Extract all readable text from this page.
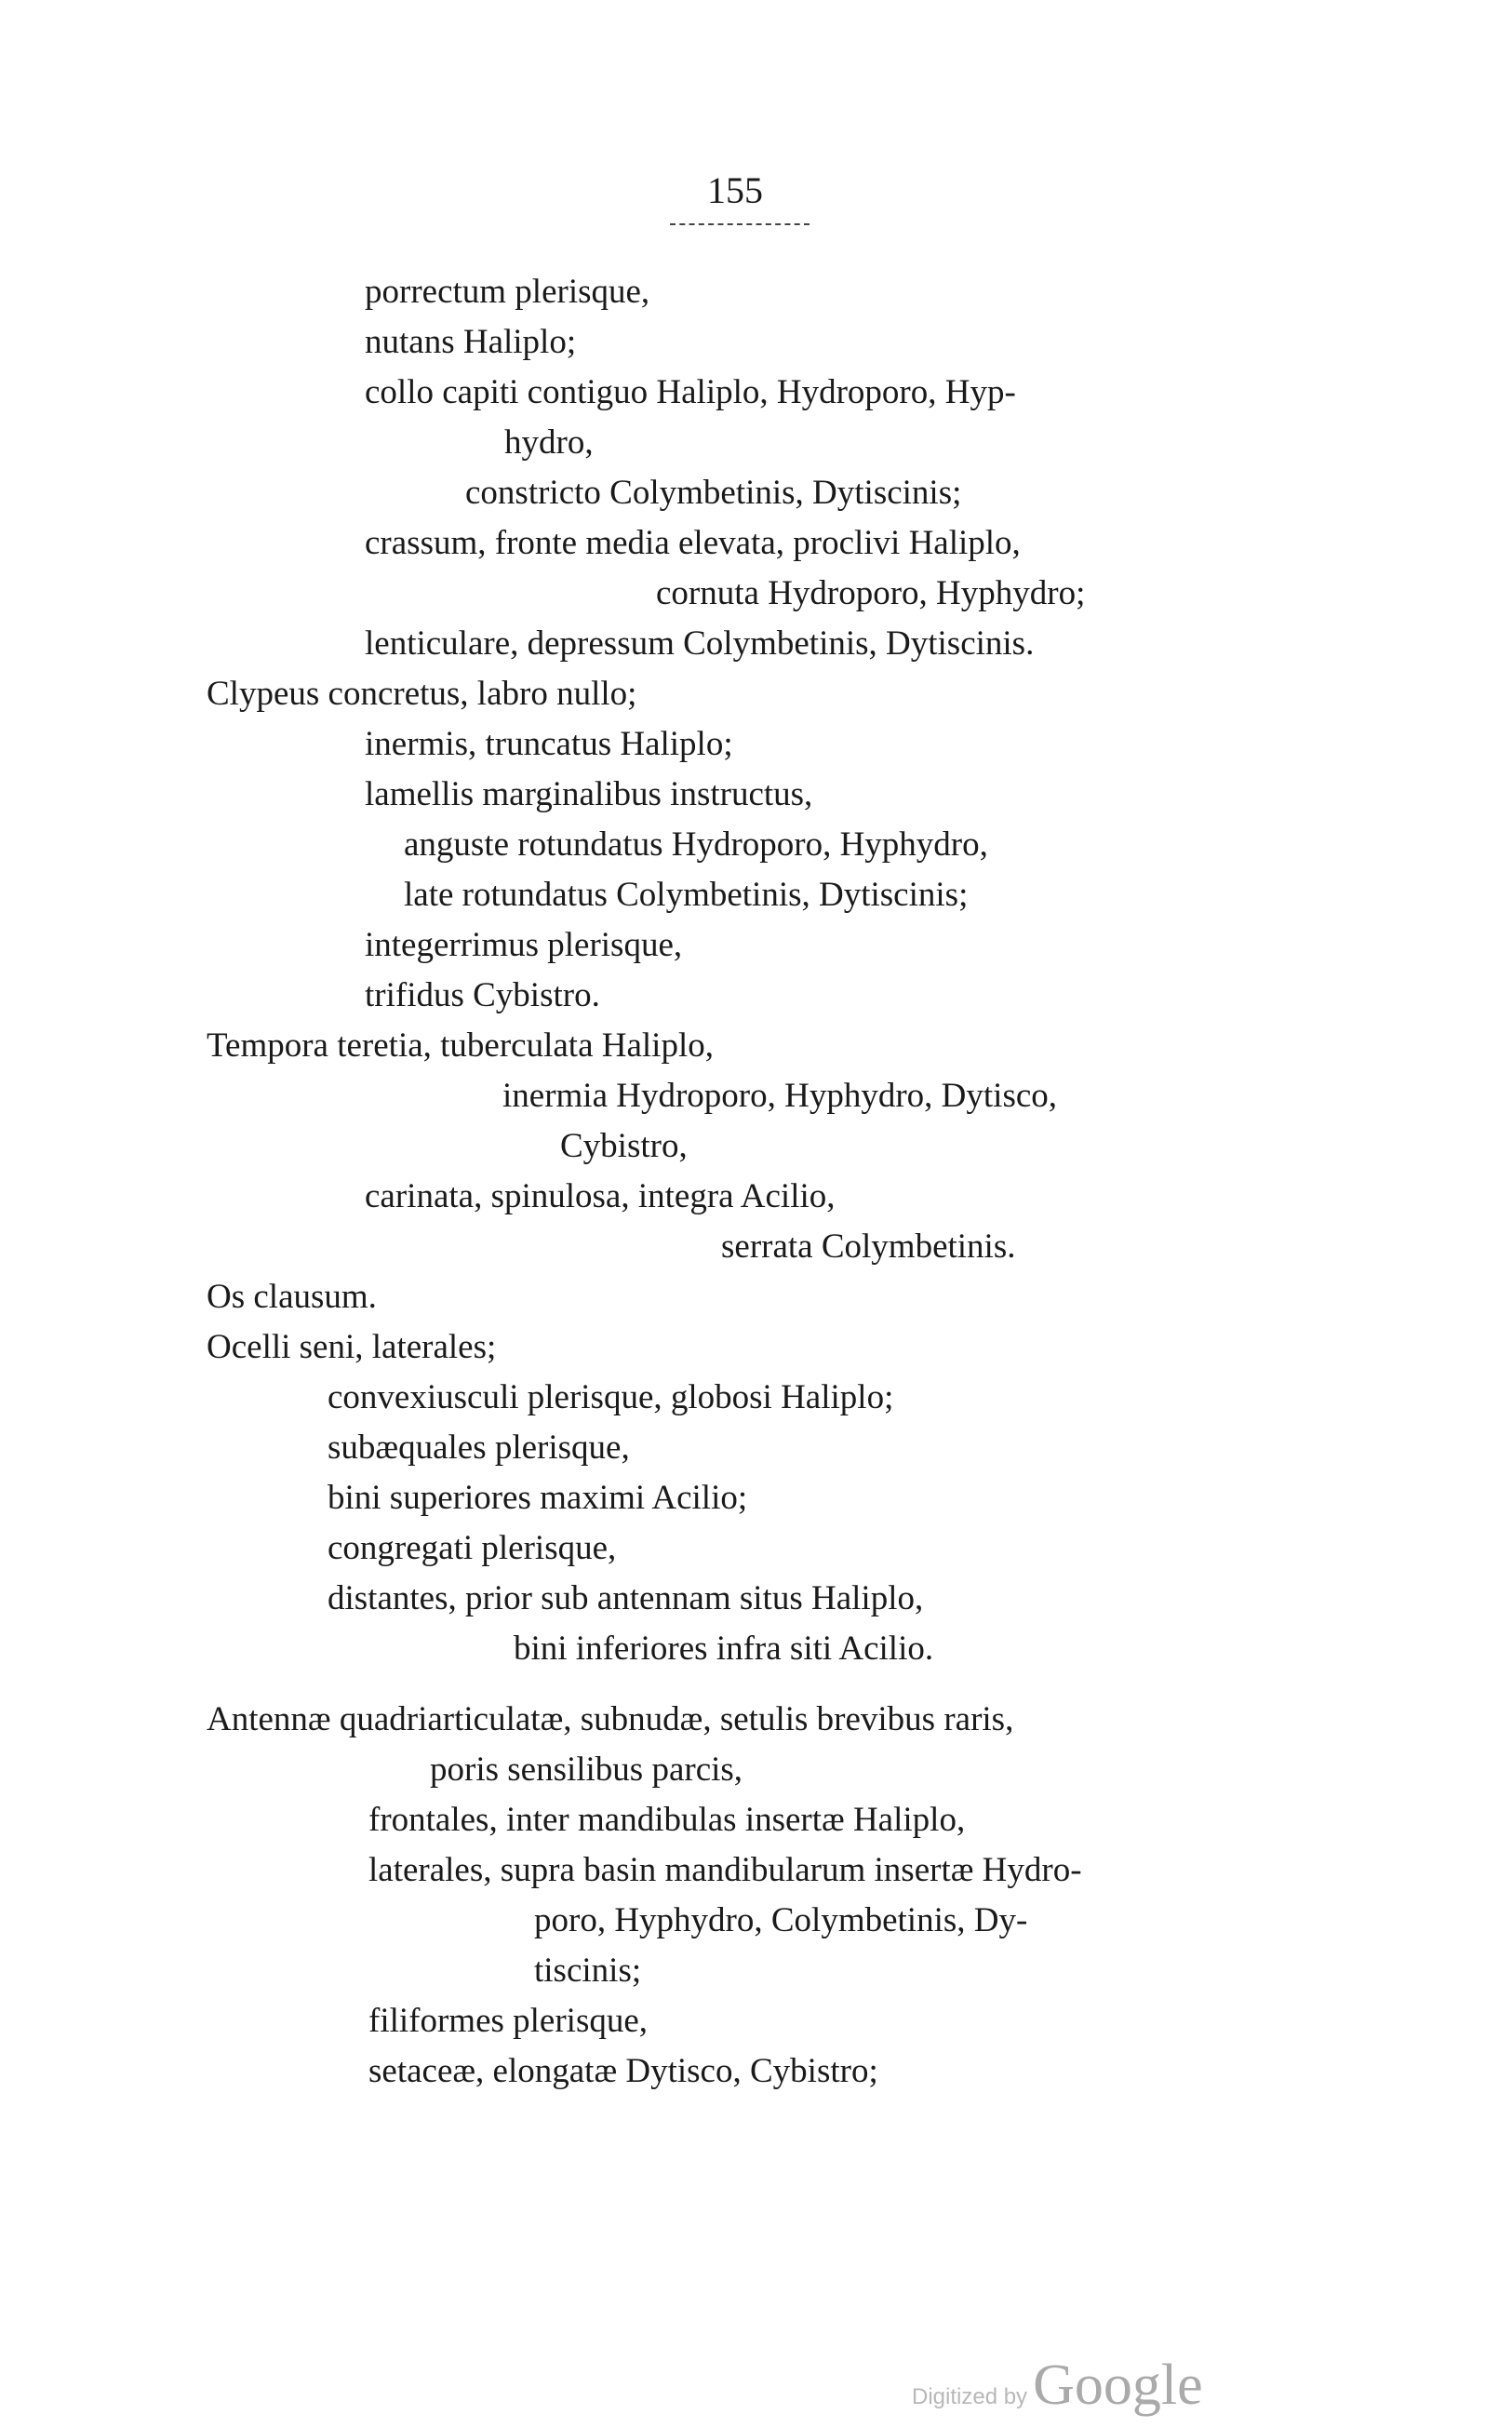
155

porrectum plerisque,

nutans Haliplo;

collo capiti contiguo Haliplo, Hydroporo, Hyp-

hydro,

constricto Colymbetinis, Dytiscinis;

crassum, fronte media elevata, proclivi Haliplo,

cornuta Hydroporo, Hyphydro;

lenticulare, depressum Colymbetinis, Dytiscinis.

Clypeus concretus, labro nullo;

inermis, truncatus Haliplo;

lamellis marginalibus instructus,

anguste rotundatus Hydroporo, Hyphydro,

late rotundatus Colymbetinis, Dytiscinis;

integerrimus plerisque,

trifidus Cybistro.

Tempora teretia, tuberculata Haliplo,

inermia Hydroporo, Hyphydro, Dytisco,

Cybistro,

carinata, spinulosa, integra Acilio,

serrata Colymbetinis.

Os clausum.

Ocelli seni, laterales;

convexiusculi plerisque, globosi Haliplo;

subæquales plerisque,

bini superiores maximi Acilio;

congregati plerisque,

distantes, prior sub antennam situs Haliplo,

bini inferiores infra siti Acilio.

Antennæ quadriarticulatæ, subnudæ, setulis brevibus raris,

poris sensilibus parcis,

frontales, inter mandibulas insertæ Haliplo,

laterales, supra basin mandibularum insertæ Hydro-

poro, Hyphydro, Colymbetinis, Dy-

tiscinis;

filiformes plerisque,

setaceæ, elongatæ Dytisco, Cybistro;

Digitized byGoogle
